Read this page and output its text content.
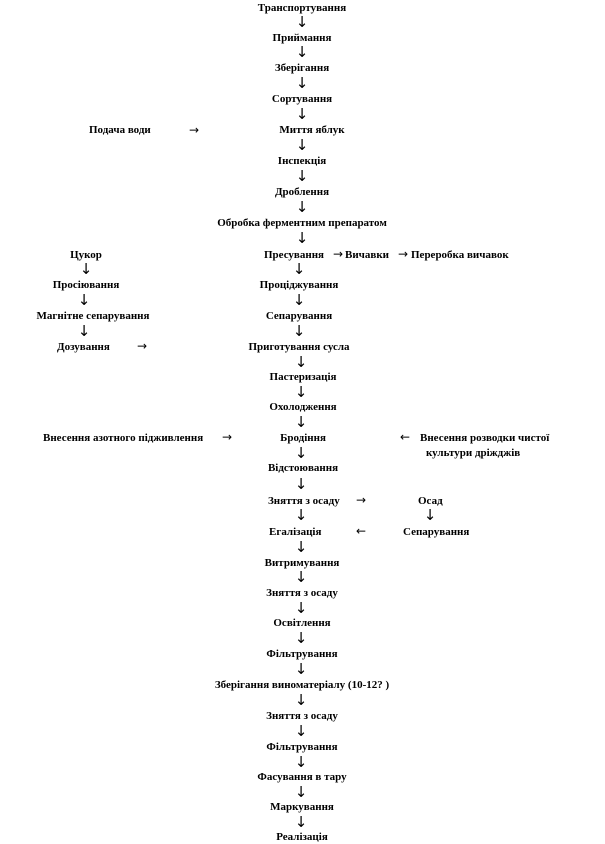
Транспортування
↓
Приймання
↓
Зберігання
↓
Сортування
↓
Миття яблук
↓
Інспекція
↓
Дроблення
↓
Обробка ферментним препаратом
↓
Пресування
↓
Проціджування
↓
Сепарування
↓
Приготування сусла
↓
Пастеризація
↓
Охолодження
↓
Бродіння
↓
Відстоювання
↓
Зняття з осаду
↓
Егалізація
↓
Витримування
↓
Зняття з осаду
↓
Освітлення
↓
Фільтрування
↓
Зберігання виноматеріалу (10-12? )
↓
Зняття з осаду
↓
Фільтрування
↓
Фасування в тару
↓
Маркування
↓
Реалізація
Подача води	→
→ Вичавки → Переробка вичавок
Цукор
↓
Просіювання
↓
Магнітне сепарування
↓
Дозування →
Внесення азотного підживлення →	← Внесення розводки чистої
культури дріжджів
→	Осад
↓
Сепарування
←
